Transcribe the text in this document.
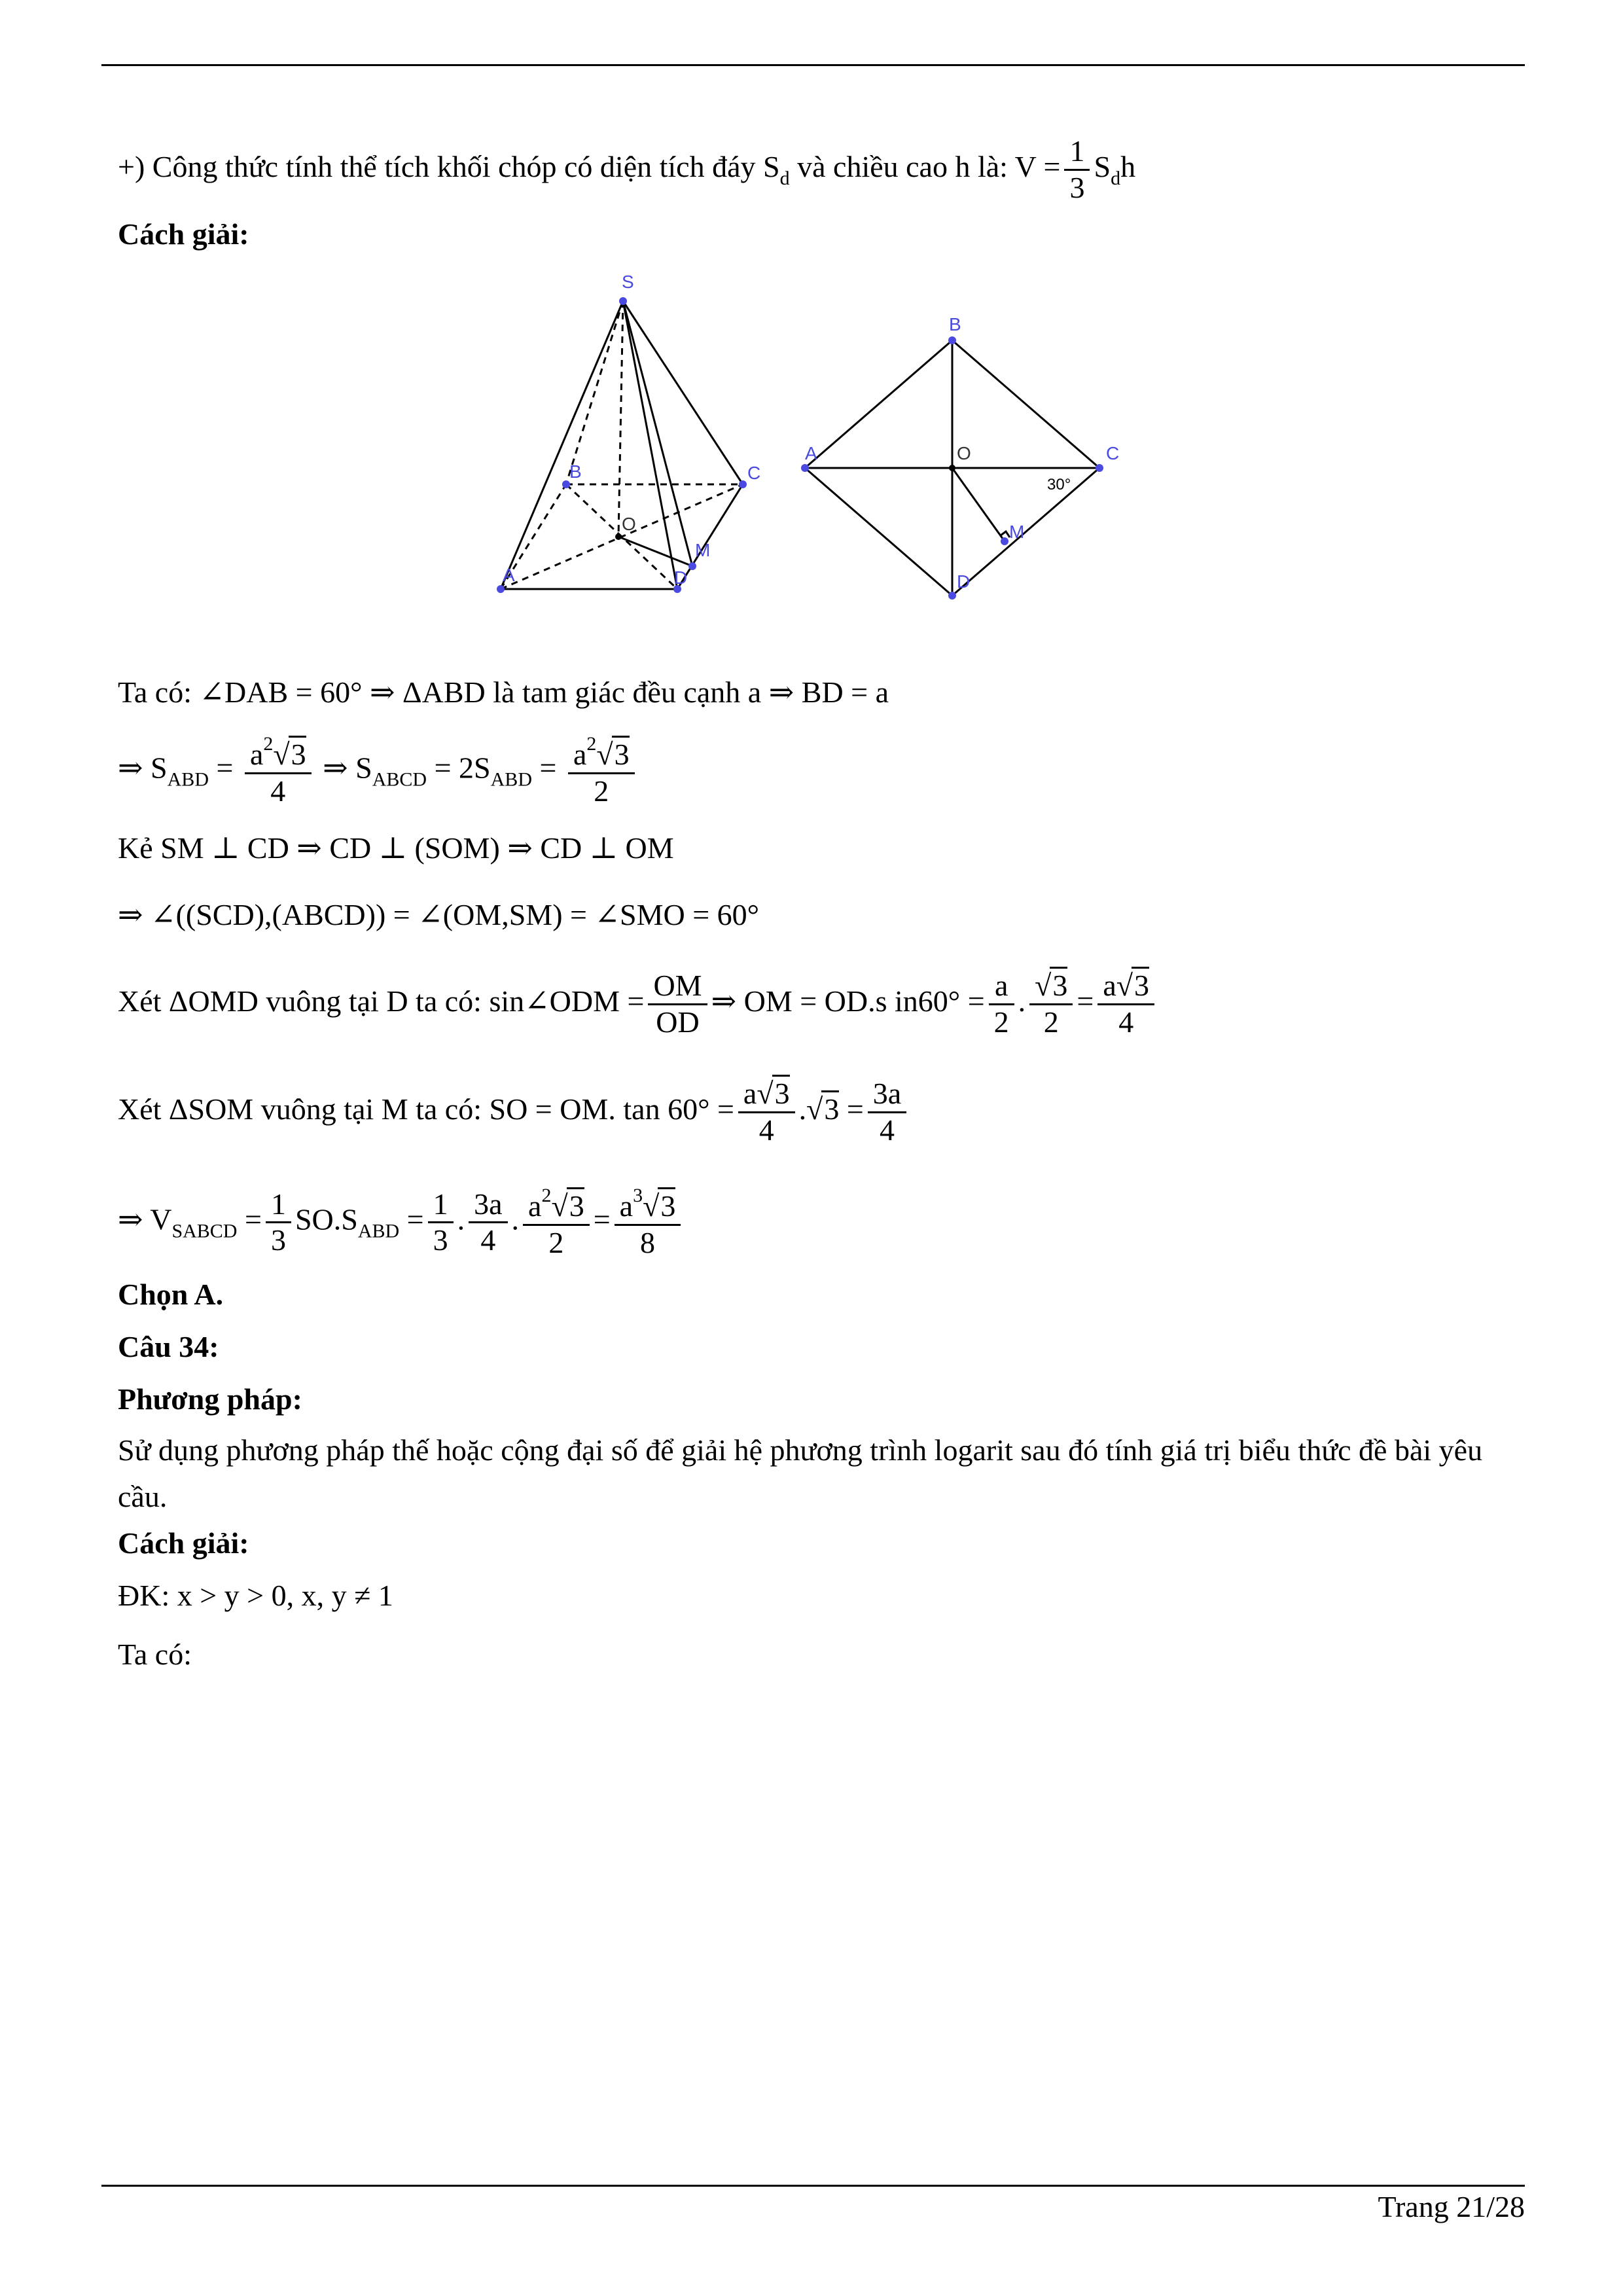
+) Công thức tính thể tích khối chóp có diện tích đáy $S_d$ và chiều cao h là: $V = \frac{1}{3} S_dh$
Cách giải:
S
A
B	C
D
M
O
B
A	C
D
M
O
30°
Ta có: ∠DAB = 60° ⇒ ΔABD là tam giác đều cạnh a ⇒ BD = a
⇒ $S_{ABD} = \frac{a^2√3}{4}$ ⇒ $S_{ABCD} = 2S_{ABD} = \frac{a^2√3}{2}$
Kẻ SM ⊥ CD ⇒ CD ⊥ (SOM) ⇒ CD ⊥ OM
⇒ ∠((SCD),(ABCD)) = ∠(OM,SM) = ∠SMO = 60°
Xét ΔOMD vuông tại D ta có: sin∠ODM = $\frac{OM}{OD}$ ⇒ OM = OD.s $in60^\circ = \frac{a}{2}$ . $\frac{√3}{2} = \frac{a√3}{4}$
Xét ΔSOM vuông tại M ta có: SO = OM. $\tan 60^\circ = \frac{a√3}{4} .√3 = \frac{3a}{4}$
⇒ $V_{SABCD} = \frac{1}{3} SO.S_{ABD} = \frac{1}{3}$ . $\frac{3a}{4}$ . $\frac{a^2√3}{2} = \frac{a^3√3}{8}$
Chọn A.
Câu 34:
Phương pháp:
Sử dụng phương pháp thế hoặc cộng đại số để giải hệ phương trình logarit sau đó tính giá trị biểu thức đề bài yêu cầu.
Cách giải:
ĐK: x > y > 0, x, y ≠ 1
Ta có:
Trang 21/28
